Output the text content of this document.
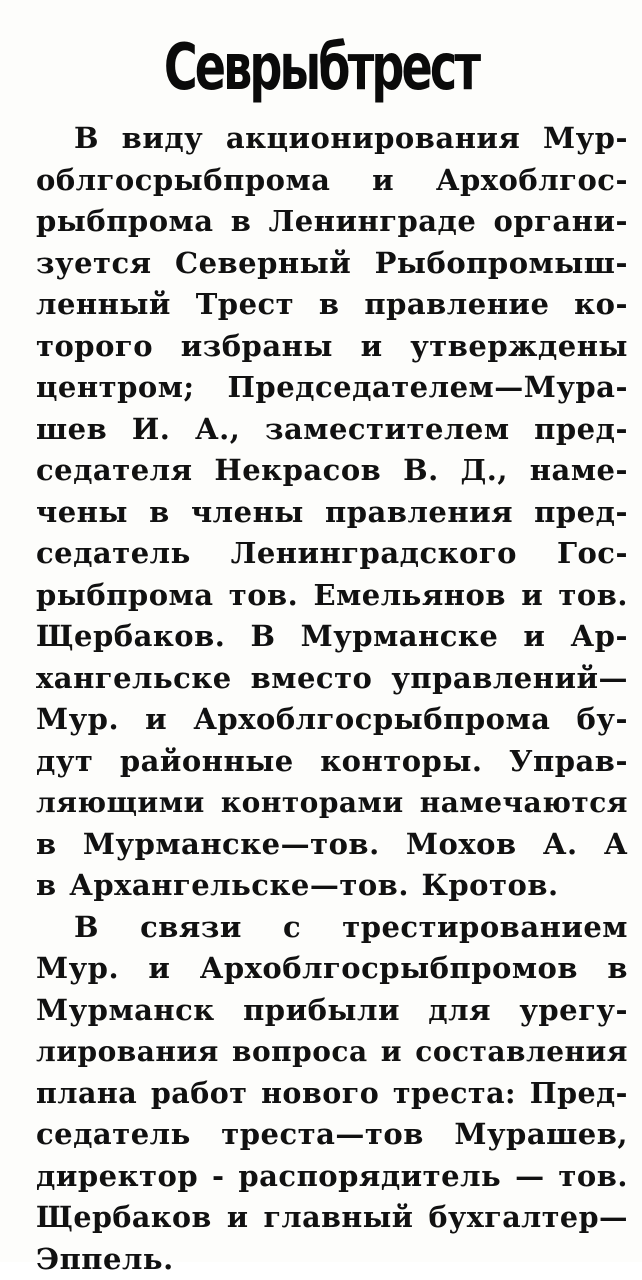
Севрыбтрест
В виду акционирования Мур-
облгосрыбпрома и Архоблгос-
рыбпрома в Ленинграде органи-
зуется Северный Рыбопромыш-
ленный Трест в правление ко-
торого избраны и утверждены
центром; Председателем—Мура-
шев И. А., заместителем пред-
седателя Некрасов В. Д., наме-
чены в члены правления пред-
седатель Ленинградского Гос-
рыбпрома тов. Емельянов и тов.
Щербаков. В Мурманске и Ар-
хангельске вместо управлений—
Мур. и Архоблгосрыбпрома бу-
дут районные конторы. Управ-
ляющими конторами намечаются
в Мурманске—тов. Мохов А. А
в Архангельске—тов. Кротов.
В связи с трестированием
Мур. и Архоблгосрыбпромов в
Мурманск прибыли для урегу-
лирования вопроса и составления
плана работ нового треста: Пред-
седатель треста—тов Мурашев,
директор - распорядитель — тов.
Щербаков и главный бухгалтер—
Эппель.
